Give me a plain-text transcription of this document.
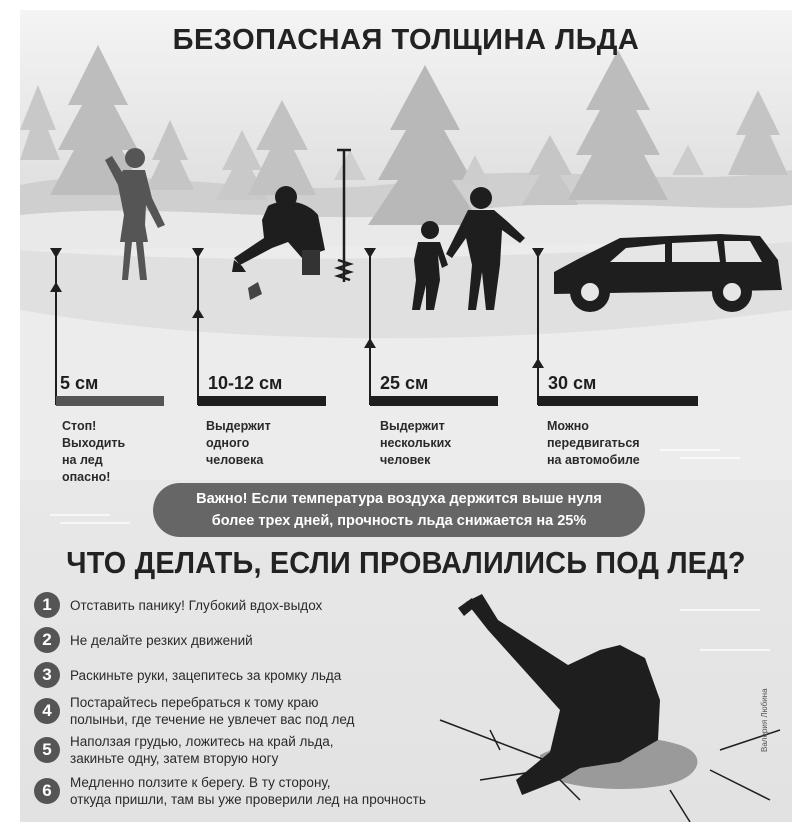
БЕЗОПАСНАЯ ТОЛЩИНА ЛЬДА
5 см	10-12 см	25 см	30 см
Стоп!
Выходить
на лед
опасно!
Выдержит
одного
человека
Выдержит
нескольких
человек
Можно
передвигаться
на автомобиле
Важно! Если температура воздуха держится выше нуля
более трех дней, прочность льда снижается на 25%
ЧТО ДЕЛАТЬ, ЕСЛИ ПРОВАЛИЛИСЬ ПОД ЛЕД?
1	Отставить панику! Глубокий вдох-выдох
2	Не делайте резких движений
3	Раскиньте руки, зацепитесь за кромку льда
4	Постарайтесь перебраться к тому краю
полыньи, где течение не увлечет вас под лед
5	Наползая грудью, ложитесь на край льда,
закиньте одну, затем вторую ногу
6	Медленно ползите к берегу. В ту сторону,
откуда пришли, там вы уже проверили лед на прочность
Валерия Любина
